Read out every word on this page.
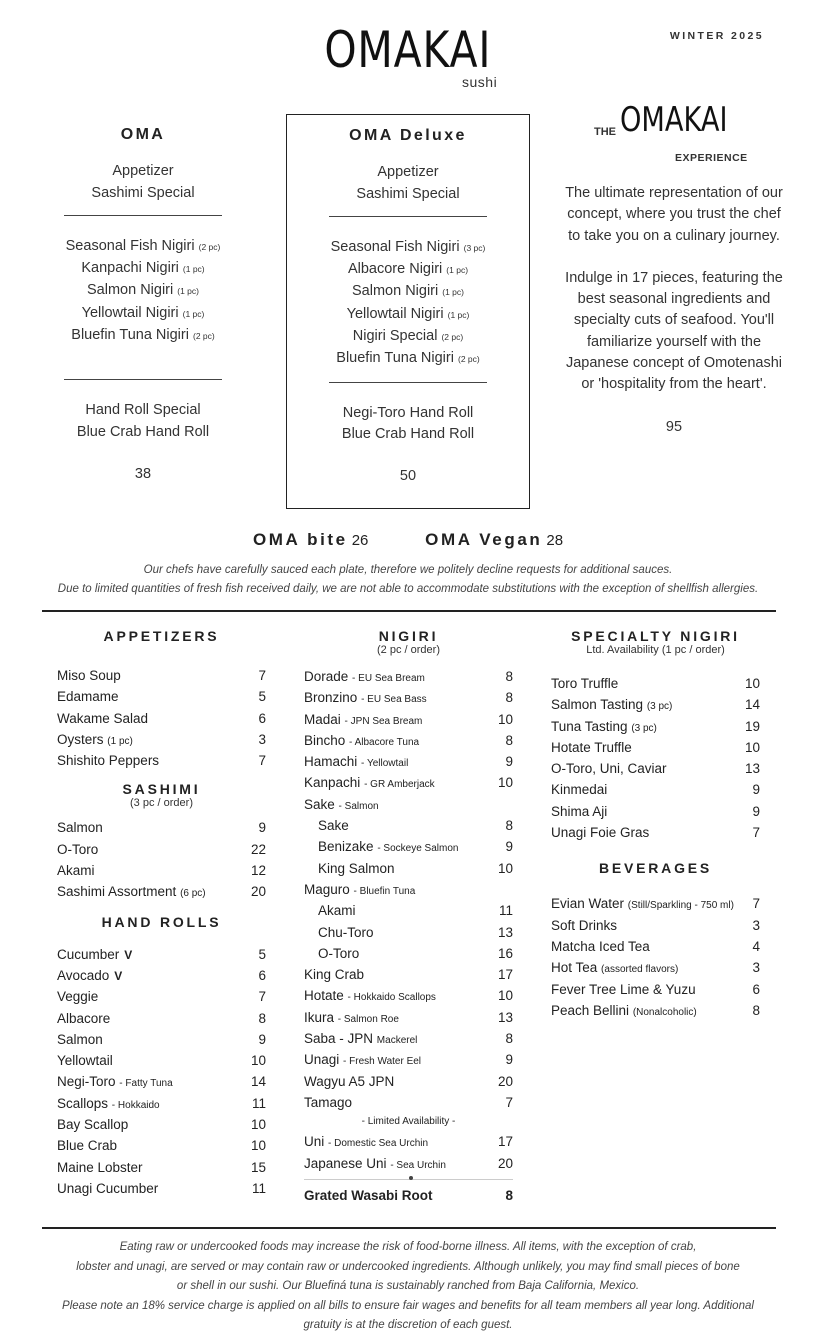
WINTER 2025
OMAKAI
sushi
OMA
Appetizer
Sashimi Special
Seasonal Fish Nigiri (2 pc)
Kanpachi Nigiri (1 pc)
Salmon Nigiri (1 pc)
Yellowtail Nigiri (1 pc)
Bluefin Tuna Nigiri (2 pc)
Hand Roll Special
Blue Crab Hand Roll
38
OMA Deluxe
Appetizer
Sashimi Special
Seasonal Fish Nigiri (3 pc)
Albacore Nigiri (1 pc)
Salmon Nigiri (1 pc)
Yellowtail Nigiri (1 pc)
Nigiri Special (2 pc)
Bluefin Tuna Nigiri (2 pc)
Negi-Toro Hand Roll
Blue Crab Hand Roll
50
THE OMAKAI
EXPERIENCE
The ultimate representation of our concept, where you trust the chef to take you on a culinary journey.
Indulge in 17 pieces, featuring the best seasonal ingredients and specialty cuts of seafood. You'll familiarize yourself with the Japanese concept of Omotenashi or 'hospitality from the heart'.
95
OMA bite 26	OMA Vegan 28
Our chefs have carefully sauced each plate, therefore we politely decline requests for additional sauces.
Due to limited quantities of fresh fish received daily, we are not able to accommodate substitutions with the exception of shellfish allergies.
APPETIZERS
Miso Soup	7
Edamame	5
Wakame Salad	6
Oysters (1 pc)	3
Shishito Peppers	7
SASHIMI
(3 pc / order)
Salmon	9
O-Toro	22
Akami	12
Sashimi Assortment (6 pc)	20
HAND ROLLS
Cucumber V	5
Avocado V	6
Veggie	7
Albacore	8
Salmon	9
Yellowtail	10
Negi-Toro - Fatty Tuna	14
Scallops - Hokkaido	11
Bay Scallop	10
Blue Crab	10
Maine Lobster	15
Unagi Cucumber	11
NIGIRI
(2 pc / order)
Dorade - EU Sea Bream	8
Bronzino - EU Sea Bass	8
Madai - JPN Sea Bream	10
Bincho - Albacore Tuna	8
Hamachi - Yellowtail	9
Kanpachi - GR Amberjack	10
Sake - Salmon
Sake	8
Benizake - Sockeye Salmon	9
King Salmon	10
Maguro - Bluefin Tuna
Akami	11
Chu-Toro	13
O-Toro	16
King Crab	17
Hotate - Hokkaido Scallops	10
Ikura - Salmon Roe	13
Saba - JPN Mackerel	8
Unagi - Fresh Water Eel	9
Wagyu A5 JPN	20
Tamago	7
- Limited Availability -
Uni - Domestic Sea Urchin	17
Japanese Uni - Sea Urchin	20
Grated Wasabi Root	8
SPECIALTY NIGIRI
Ltd. Availability (1 pc / order)
Toro Truffle	10
Salmon Tasting (3 pc)	14
Tuna Tasting (3 pc)	19
Hotate Truffle	10
O-Toro, Uni, Caviar	13
Kinmedai	9
Shima Aji	9
Unagi Foie Gras	7
BEVERAGES
Evian Water (Still/Sparkling - 750 ml) 7
Soft Drinks	3
Matcha Iced Tea	4
Hot Tea (assorted flavors)	3
Fever Tree Lime & Yuzu	6
Peach Bellini (Nonalcoholic)	8
Eating raw or undercooked foods may increase the risk of food-borne illness. All items, with the exception of crab,
lobster and unagi, are served or may contain raw or undercooked ingredients. Although unlikely, you may find small pieces of bone
or shell in our sushi. Our Bluefiná tuna is sustainably ranched from Baja California, Mexico.
Please note an 18% service charge is applied on all bills to ensure fair wages and benefits for all team members all year long. Additional
gratuity is at the discretion of each guest.
